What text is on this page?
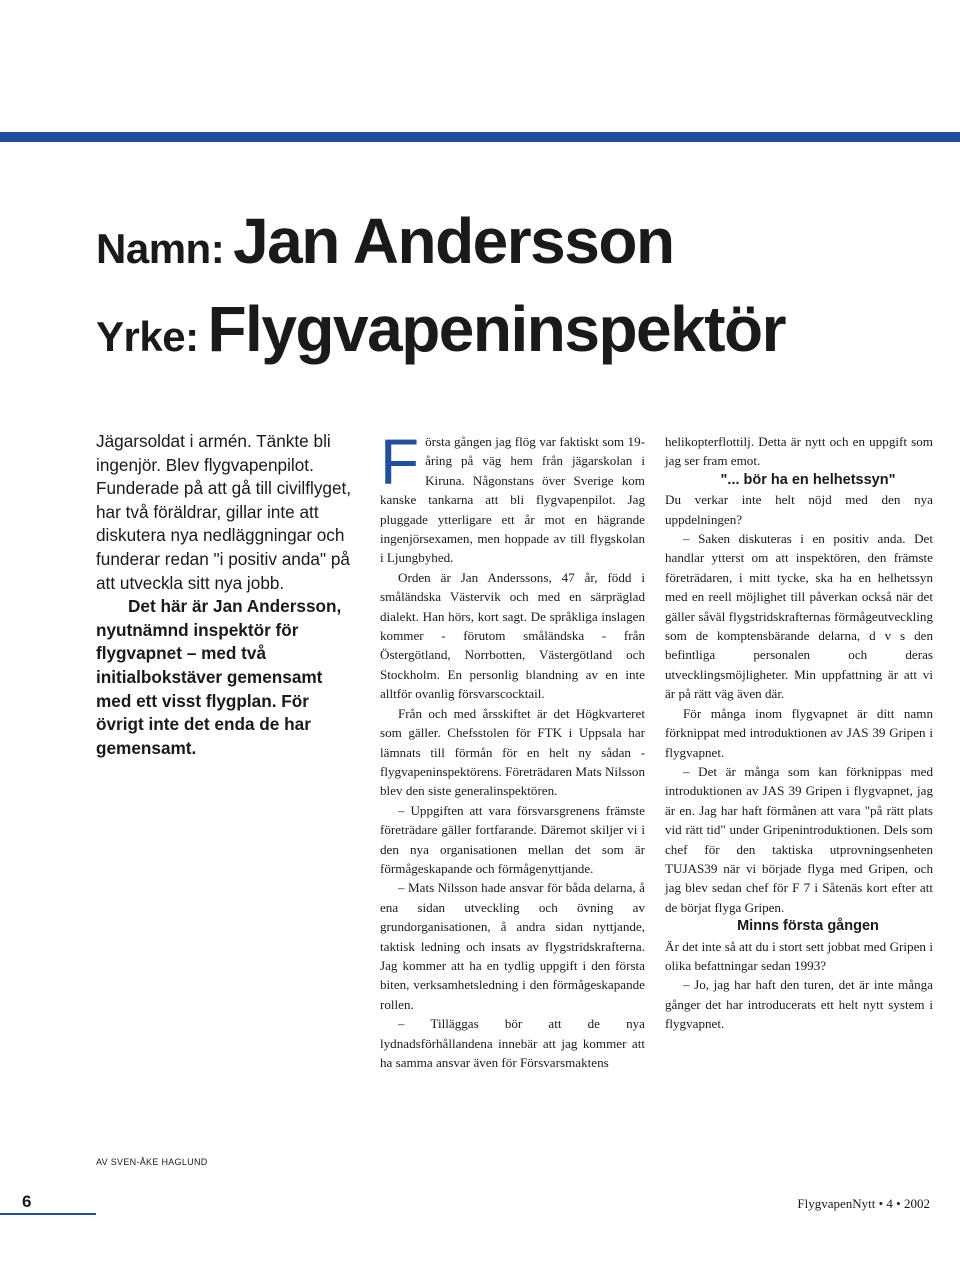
Namn: Jan Andersson
Yrke: Flygvapeninspektör

Jägarsoldat i armén. Tänkte bli ingenjör. Blev flygvapenpilot. Funderade på att gå till civilflyget, har två föräldrar, gillar inte att diskutera nya nedläggningar och funderar redan "i positiv anda" på att utveckla sitt nya jobb.

Det här är Jan Andersson, nyutnämnd inspektör för flygvapnet – med två initialbokstäver gemensamt med ett visst flygplan. För övrigt inte det enda de har gemensamt.

AV SVEN-ÅKE HAGLUND

Första gången jag flög var faktiskt som 19-åring på väg hem från jägarskolan i Kiruna. Någonstans över Sverige kom kanske tankarna att bli flygvapenpilot. Jag pluggade ytterligare ett år mot en hägrande ingenjörsexamen, men hoppade av till flygskolan i Ljungbyhed.

Orden är Jan Anderssons, 47 år, född i småländska Västervik och med en särpräglad dialekt. Han hörs, kort sagt. De språkliga inslagen kommer - förutom småländska - från Östergötland, Norrbotten, Västergötland och Stockholm. En personlig blandning av en inte alltför ovanlig försvarscocktail.

Från och med årsskiftet är det Högkvarteret som gäller. Chefsstolen för FTK i Uppsala har lämnats till förmån för en helt ny sådan - flygvapeninspektörens. Företrädaren Mats Nilsson blev den siste generalinspektören.

– Uppgiften att vara försvarsgrenens främste företrädare gäller fortfarande. Däremot skiljer vi i den nya organisationen mellan det som är förmågeskapande och förmågenyttjande.

– Mats Nilsson hade ansvar för båda delarna, å ena sidan utveckling och övning av grundorganisationen, å andra sidan nyttjande, taktisk ledning och insats av flygstridskrafterna. Jag kommer att ha en tydlig uppgift i den första biten, verksamhetsledning i den förmågeskapande rollen.

– Tilläggas bör att de nya lydnadsförhållandena innebär att jag kommer att ha samma ansvar även för Försvarsmaktens

helikopterflottilj. Detta är nytt och en uppgift som jag ser fram emot.

"... bör ha en helhetssyn"

Du verkar inte helt nöjd med den nya uppdelningen?

– Saken diskuteras i en positiv anda. Det handlar ytterst om att inspektören, den främste företrädaren, i mitt tycke, ska ha en helhetssyn med en reell möjlighet till påverkan också när det gäller såväl flygstridskrafternas förmågeutveckling som de komptensbärande delarna, d v s den befintliga personalen och deras utvecklingsmöjligheter. Min uppfattning är att vi är på rätt väg även där.

För många inom flygvapnet är ditt namn förknippat med introduktionen av JAS 39 Gripen i flygvapnet.

– Det är många som kan förknippas med introduktionen av JAS 39 Gripen i flygvapnet, jag är en. Jag har haft förmånen att vara "på rätt plats vid rätt tid" under Gripenintroduktionen. Dels som chef för den taktiska utprovningsenheten TUJAS39 när vi började flyga med Gripen, och jag blev sedan chef för F 7 i Såtenäs kort efter att de börjat flyga Gripen.

Minns första gången

Är det inte så att du i stort sett jobbat med Gripen i olika befattningar sedan 1993?

– Jo, jag har haft den turen, det är inte många gånger det har introducerats ett helt nytt system i flygvapnet.

6	FlygvapenNytt • 4 • 2002
